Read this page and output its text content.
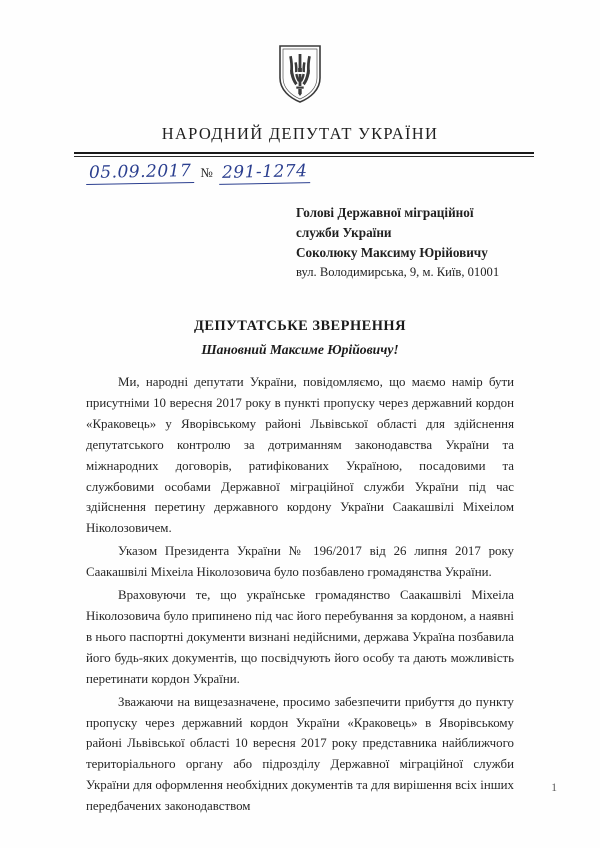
НАРОДНИЙ ДЕПУТАТ УКРАЇНИ
05.09.2017 № 291-1274
Голові Державної міграційної
служби України
Соколюку Максиму Юрійовичу
вул. Володимирська, 9, м. Київ, 01001
ДЕПУТАТСЬКЕ ЗВЕРНЕННЯ
Шановний Максиме Юрійовичу!

Ми, народні депутати України, повідомляємо, що маємо намір бути присутніми 10 вересня 2017 року в пункті пропуску через державний кордон «Краковець» у Яворівському районі Львівської області для здійснення депутатського контролю за дотриманням законодавства України та міжнародних договорів, ратифікованих Україною, посадовими та службовими особами Державної міграційної служби України під час здійснення перетину державного кордону України Саакашвілі Міхеілом Ніколозовичем.

Указом Президента України № 196/2017 від 26 липня 2017 року Саакашвілі Міхеіла Ніколозовича було позбавлено громадянства України.

Враховуючи те, що українське громадянство Саакашвілі Міхеіла Ніколозовича було припинено під час його перебування за кордоном, а наявні в нього паспортні документи визнані недійсними, держава Україна позбавила його будь-яких документів, що посвідчують його особу та дають можливість перетинати кордон України.

Зважаючи на вищезазначене, просимо забезпечити прибуття до пункту пропуску через державний кордон України «Краковець» в Яворівському районі Львівської області 10 вересня 2017 року представника найближчого територіального органу або підрозділу Державної міграційної служби України для оформлення необхідних документів та для вирішення всіх інших передбачених законодавством

1
